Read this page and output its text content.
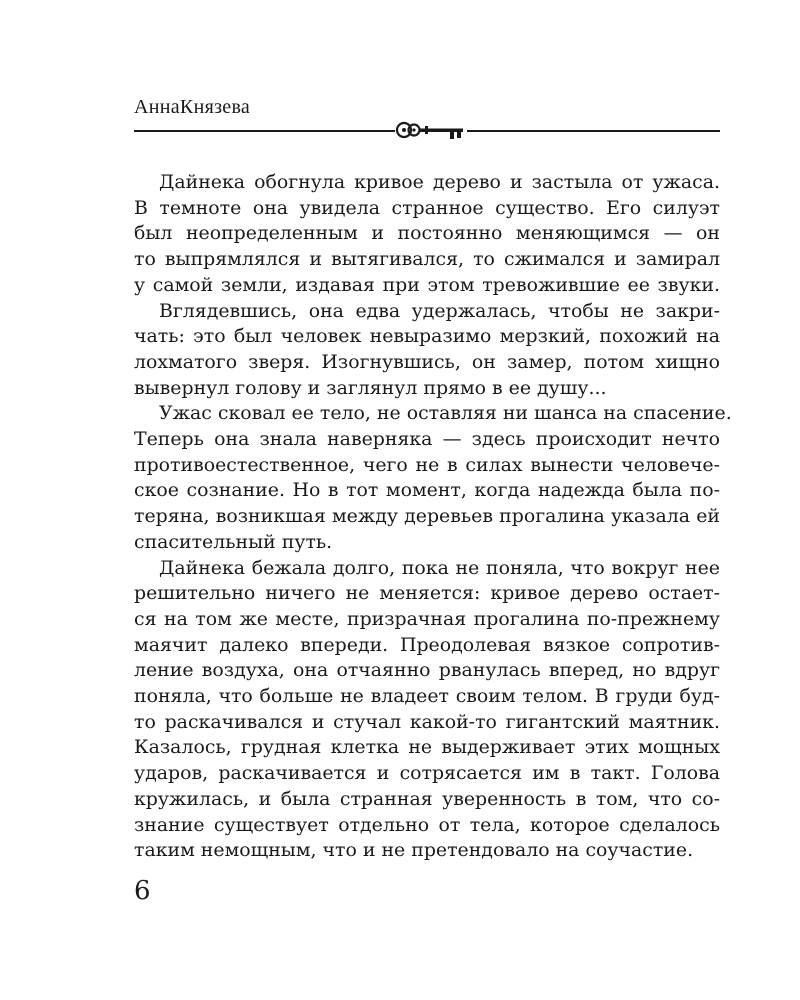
АннаКнязева
Дайнека обогнула кривое дерево и застыла от ужаса.
В темноте она увидела странное существо. Его силуэт
был неопределенным и постоянно меняющимся — он
то выпрямлялся и вытягивался, то сжимался и замирал
у самой земли, издавая при этом тревожившие ее звуки.
Вглядевшись, она едва удержалась, чтобы не закри-
чать: это был человек невыразимо мерзкий, похожий на
лохматого зверя. Изогнувшись, он замер, потом хищно
вывернул голову и заглянул прямо в ее душу...
Ужас сковал ее тело, не оставляя ни шанса на спасение.
Теперь она знала наверняка — здесь происходит нечто
противоестественное, чего не в силах вынести человече-
ское сознание. Но в тот момент, когда надежда была по-
теряна, возникшая между деревьев прогалина указала ей
спасительный путь.
Дайнека бежала долго, пока не поняла, что вокруг нее
решительно ничего не меняется: кривое дерево остает-
ся на том же месте, призрачная прогалина по-прежнему
маячит далеко впереди. Преодолевая вязкое сопротив-
ление воздуха, она отчаянно рванулась вперед, но вдруг
поняла, что больше не владеет своим телом. В груди буд-
то раскачивался и стучал какой-то гигантский маятник.
Казалось, грудная клетка не выдерживает этих мощных
ударов, раскачивается и сотрясается им в такт. Голова
кружилась, и была странная уверенность в том, что со-
знание существует отдельно от тела, которое сделалось
таким немощным, что и не претендовало на соучастие.
6
